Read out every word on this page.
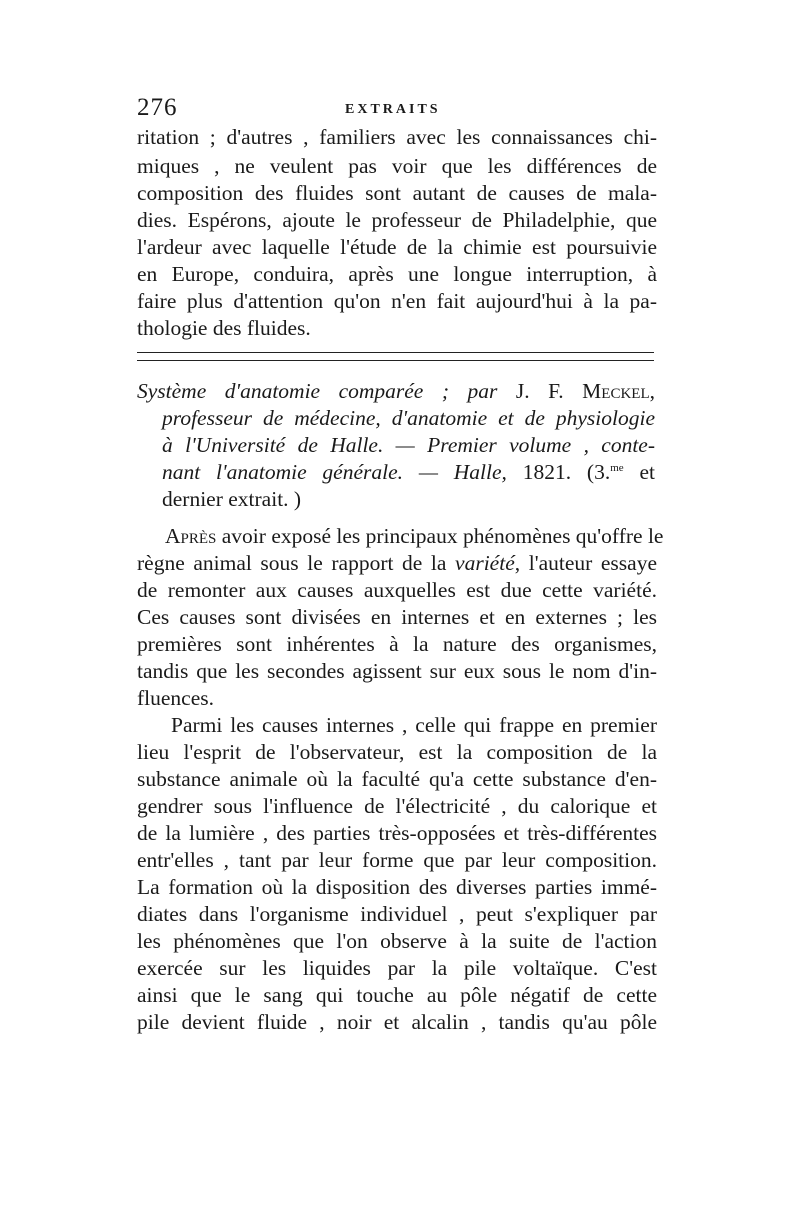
276	EXTRAITS
ritation ; d'autres , familiers avec les connaissances chi-
miques , ne veulent pas voir que les différences de
composition des fluides sont autant de causes de mala-
dies. Espérons, ajoute le professeur de Philadelphie, que
l'ardeur avec laquelle l'étude de la chimie est poursuivie
en Europe, conduira, après une longue interruption, à
faire plus d'attention qu'on n'en fait aujourd'hui à la pa-
thologie des fluides.
Système d'anatomie comparée ; par J. F. Meckel,
professeur de médecine, d'anatomie et de physiologie
à l'Université de Halle. — Premier volume , conte-
nant l'anatomie générale. — Halle, 1821. (3.$^{me}$ et
dernier extrait. )
Après avoir exposé les principaux phénomènes qu'offre le
règne animal sous le rapport de la variété, l'auteur essaye
de remonter aux causes auxquelles est due cette variété.
Ces causes sont divisées en internes et en externes ; les
premières sont inhérentes à la nature des organismes,
tandis que les secondes agissent sur eux sous le nom d'in-
fluences.
Parmi les causes internes , celle qui frappe en premier
lieu l'esprit de l'observateur, est la composition de la
substance animale où la faculté qu'a cette substance d'en-
gendrer sous l'influence de l'électricité , du calorique et
de la lumière , des parties très-opposées et très-différentes
entr'elles , tant par leur forme que par leur composition.
La formation où la disposition des diverses parties immé-
diates dans l'organisme individuel , peut s'expliquer par
les phénomènes que l'on observe à la suite de l'action
exercée sur les liquides par la pile voltaïque. C'est
ainsi que le sang qui touche au pôle négatif de cette
pile devient fluide , noir et alcalin , tandis qu'au pôle
